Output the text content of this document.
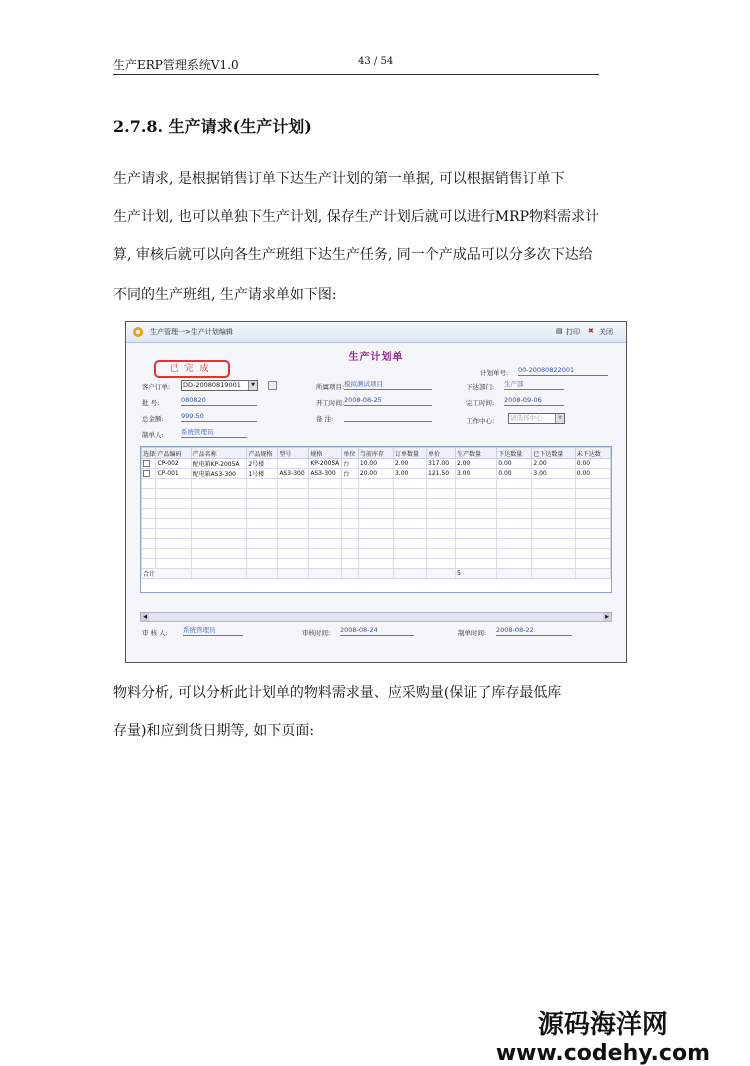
生产ERP管理系统V1.0	43 / 54
2.7.8. 生产请求(生产计划)
生产请求, 是根据销售订单下达生产计划的第一单据, 可以根据销售订单下
生产计划, 也可以单独下生产计划, 保存生产计划后就可以进行MRP物料需求计
算, 审核后就可以向各生产班组下达生产任务, 同一个产成品可以分多次下达给
不同的生产班组, 生产请求单如下图:
生产管理一>生产计划编辑	▤ 打印 ✖ 关闭
生产计划单
已完成	计划单号: 00-20080822001
客户订单:	DD-20080819001	▼	所属项目: 模拟测试项目	下达部门: 生产部
批 号:	080820	开工时间: 2008-08-25	完工时间: 2008-09-06
总金额:	999.50	备 注:	工作中心:	请选择中心	▼
制单人:	系统管理员
选择	产品编码	产品名称	产品规格	型号	规格	单位	当前库存	订单数量	单价	生产数量	下达数量	已下达数量	未下达数
	CP-002	配电箱KP-2005A	2号楼		KP-2005A	台	10.00	2.00	317.00	2.00	0.00	2.00	0.00
	CP-001	配电箱AS3-300	1号楼	AS3-300	AS3-300	台	20.00	3.00	121.50	3.00	0.00	3.00	0.00

合计										5			
◀	▶
审 核 人: 系统管理员	审核时间: 2008-08-24	制单时间: 2008-08-22
物料分析, 可以分析此计划单的物料需求量、应采购量(保证了库存最低库
存量)和应到货日期等, 如下页面:
源码海洋网
www.codehy.com
